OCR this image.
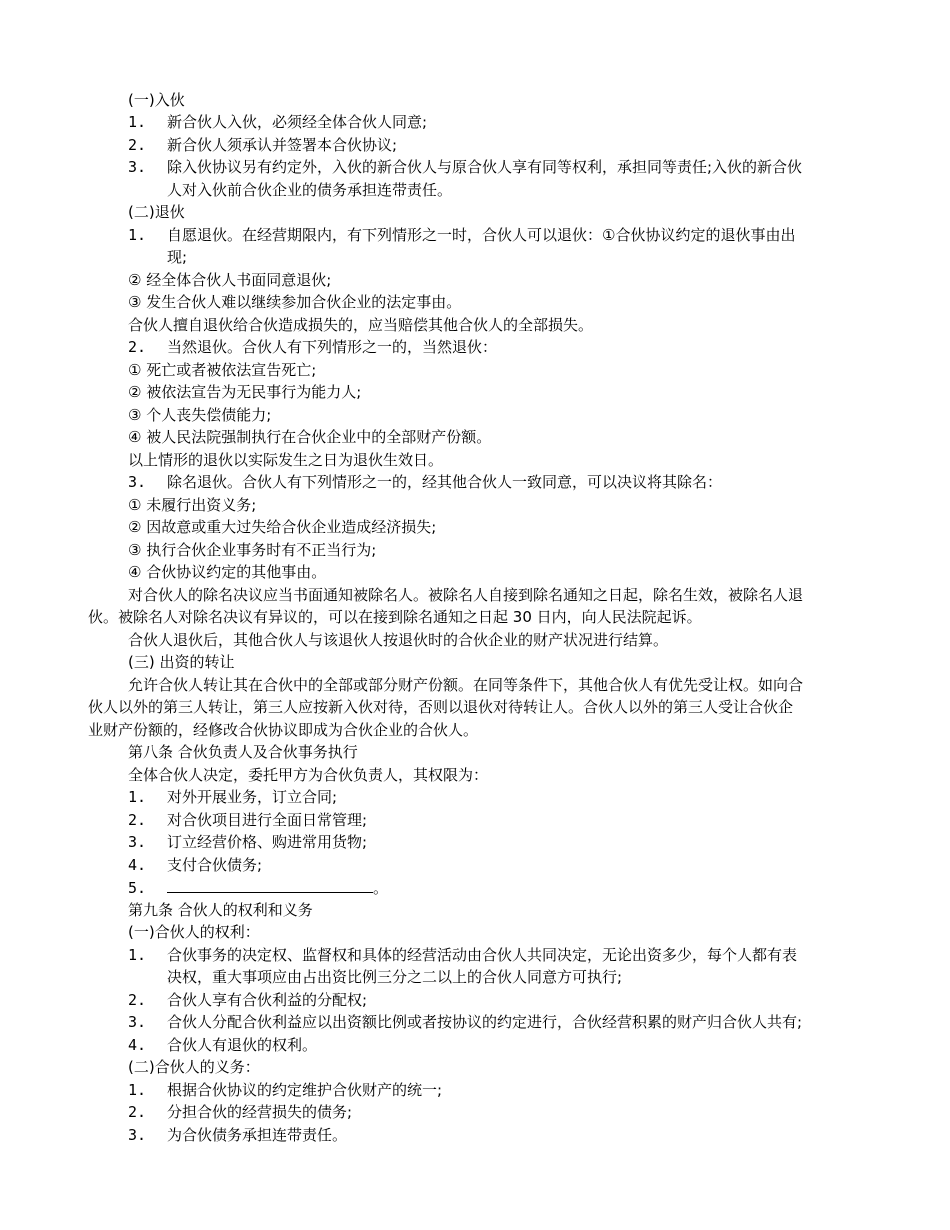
(一)入伙
1. 新合伙人入伙，必须经全体合伙人同意;
2. 新合伙人须承认并签署本合伙协议;
3. 除入伙协议另有约定外，入伙的新合伙人与原合伙人享有同等权利，承担同等责任;入伙的新合伙
人对入伙前合伙企业的债务承担连带责任。
(二)退伙
1. 自愿退伙。在经营期限内，有下列情形之一时，合伙人可以退伙：①合伙协议约定的退伙事由出
现;
② 经全体合伙人书面同意退伙;
③ 发生合伙人难以继续参加合伙企业的法定事由。
合伙人擅自退伙给合伙造成损失的，应当赔偿其他合伙人的全部损失。
2. 当然退伙。合伙人有下列情形之一的，当然退伙：
① 死亡或者被依法宣告死亡;
② 被依法宣告为无民事行为能力人;
③ 个人丧失偿债能力;
④ 被人民法院强制执行在合伙企业中的全部财产份额。
以上情形的退伙以实际发生之日为退伙生效日。
3. 除名退伙。合伙人有下列情形之一的，经其他合伙人一致同意，可以决议将其除名：
① 未履行出资义务;
② 因故意或重大过失给合伙企业造成经济损失;
③ 执行合伙企业事务时有不正当行为;
④ 合伙协议约定的其他事由。
对合伙人的除名决议应当书面通知被除名人。被除名人自接到除名通知之日起，除名生效，被除名人退
伙。被除名人对除名决议有异议的，可以在接到除名通知之日起 30 日内，向人民法院起诉。
合伙人退伙后，其他合伙人与该退伙人按退伙时的合伙企业的财产状况进行结算。
(三) 出资的转让
允许合伙人转让其在合伙中的全部或部分财产份额。在同等条件下，其他合伙人有优先受让权。如向合
伙人以外的第三人转让，第三人应按新入伙对待，否则以退伙对待转让人。合伙人以外的第三人受让合伙企
业财产份额的，经修改合伙协议即成为合伙企业的合伙人。
第八条 合伙负责人及合伙事务执行
全体合伙人决定，委托甲方为合伙负责人，其权限为：
1. 对外开展业务，订立合同;
2. 对合伙项目进行全面日常管理;
3. 订立经营价格、购进常用货物;
4. 支付合伙债务;
5.	。
第九条 合伙人的权利和义务
(一)合伙人的权利：
1. 合伙事务的决定权、监督权和具体的经营活动由合伙人共同决定，无论出资多少，每个人都有表
决权，重大事项应由占出资比例三分之二以上的合伙人同意方可执行;
2. 合伙人享有合伙利益的分配权;
3. 合伙人分配合伙利益应以出资额比例或者按协议的约定进行，合伙经营积累的财产归合伙人共有;
4. 合伙人有退伙的权利。
(二)合伙人的义务：
1. 根据合伙协议的约定维护合伙财产的统一;
2. 分担合伙的经营损失的债务;
3. 为合伙债务承担连带责任。
